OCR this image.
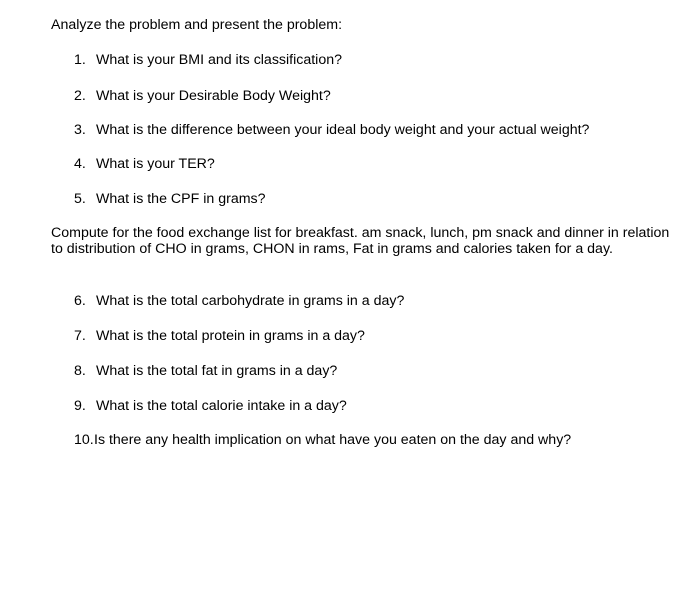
Analyze the problem and present the problem:

1. What is your BMI and its classification?
2. What is your Desirable Body Weight?
3. What is the difference between your ideal body weight and your actual weight?
4. What is your TER?
5. What is the CPF in grams?

Compute for the food exchange list for breakfast. am snack, lunch, pm snack and dinner in relation to distribution of CHO in grams, CHON in rams, Fat in grams and calories taken for a day.

6. What is the total carbohydrate in grams in a day?
7. What is the total protein in grams in a day?
8. What is the total fat in grams in a day?
9. What is the total calorie intake in a day?
10.Is there any health implication on what have you eaten on the day and why?
